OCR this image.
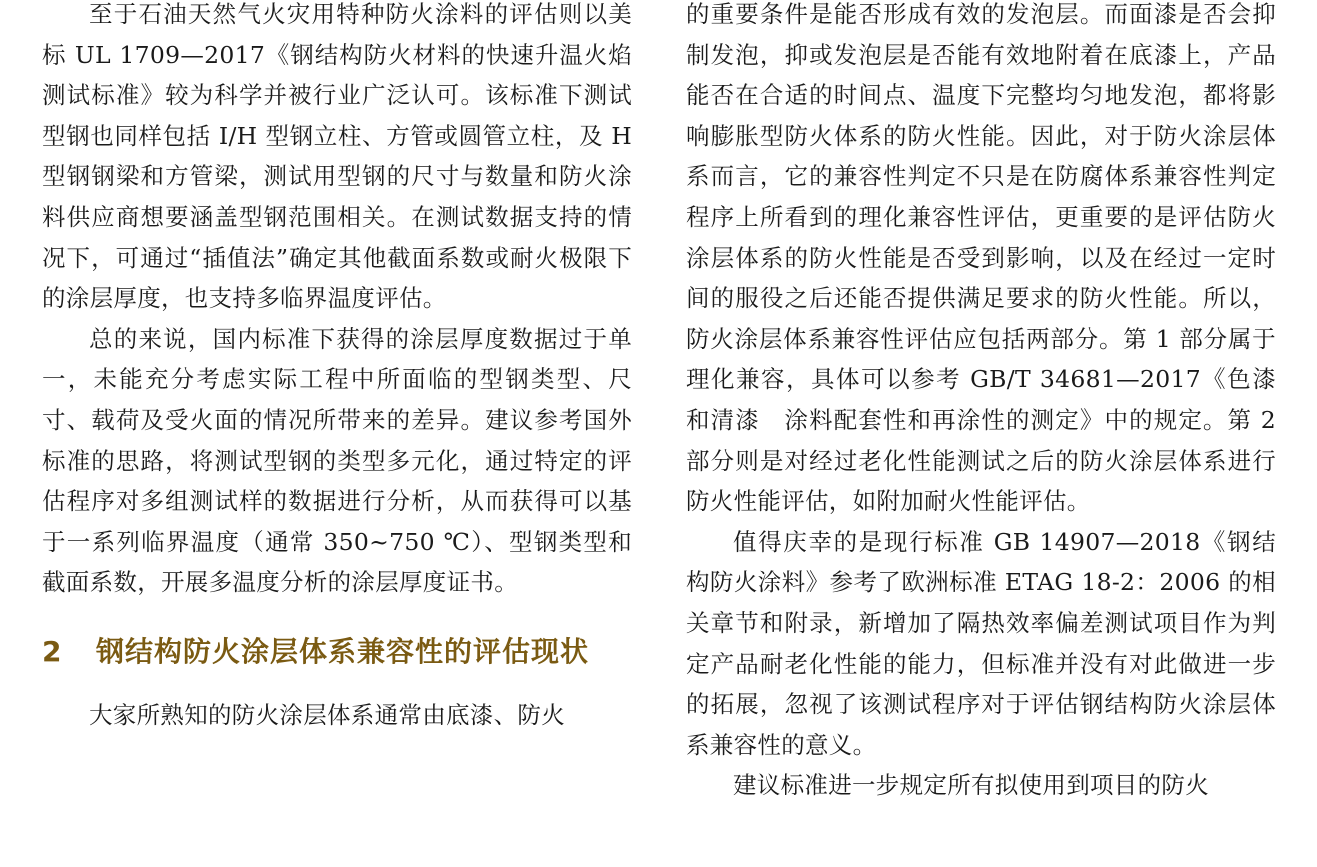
至于石油天然气火灾用特种防火涂料的评估则以美标 UL 1709—2017《钢结构防火材料的快速升温火焰测试标准》较为科学并被行业广泛认可。该标准下测试型钢也同样包括 I/H 型钢立柱、方管或圆管立柱，及 H 型钢钢梁和方管梁，测试用型钢的尺寸与数量和防火涂料供应商想要涵盖型钢范围相关。在测试数据支持的情况下，可通过“插值法”确定其他截面系数或耐火极限下的涂层厚度，也支持多临界温度评估。

总的来说，国内标准下获得的涂层厚度数据过于单一，未能充分考虑实际工程中所面临的型钢类型、尺寸、载荷及受火面的情况所带来的差异。建议参考国外标准的思路，将测试型钢的类型多元化，通过特定的评估程序对多组测试样的数据进行分析，从而获得可以基于一系列临界温度（通常 350~750 ℃）、型钢类型和截面系数，开展多温度分析的涂层厚度证书。

2	钢结构防火涂层体系兼容性的评估现状

大家所熟知的防火涂层体系通常由底漆、防火

的重要条件是能否形成有效的发泡层。而面漆是否会抑制发泡，抑或发泡层是否能有效地附着在底漆上，产品能否在合适的时间点、温度下完整均匀地发泡，都将影响膨胀型防火体系的防火性能。因此，对于防火涂层体系而言，它的兼容性判定不只是在防腐体系兼容性判定程序上所看到的理化兼容性评估，更重要的是评估防火涂层体系的防火性能是否受到影响，以及在经过一定时间的服役之后还能否提供满足要求的防火性能。所以，防火涂层体系兼容性评估应包括两部分。第 1 部分属于理化兼容，具体可以参考 GB/T 34681—2017《色漆和清漆　涂料配套性和再涂性的测定》中的规定。第 2 部分则是对经过老化性能测试之后的防火涂层体系进行防火性能评估，如附加耐火性能评估。

值得庆幸的是现行标准 GB 14907—2018《钢结构防火涂料》参考了欧洲标准 ETAG 18-2：2006 的相关章节和附录，新增加了隔热效率偏差测试项目作为判定产品耐老化性能的能力，但标准并没有对此做进一步的拓展，忽视了该测试程序对于评估钢结构防火涂层体系兼容性的意义。

建议标准进一步规定所有拟使用到项目的防火
